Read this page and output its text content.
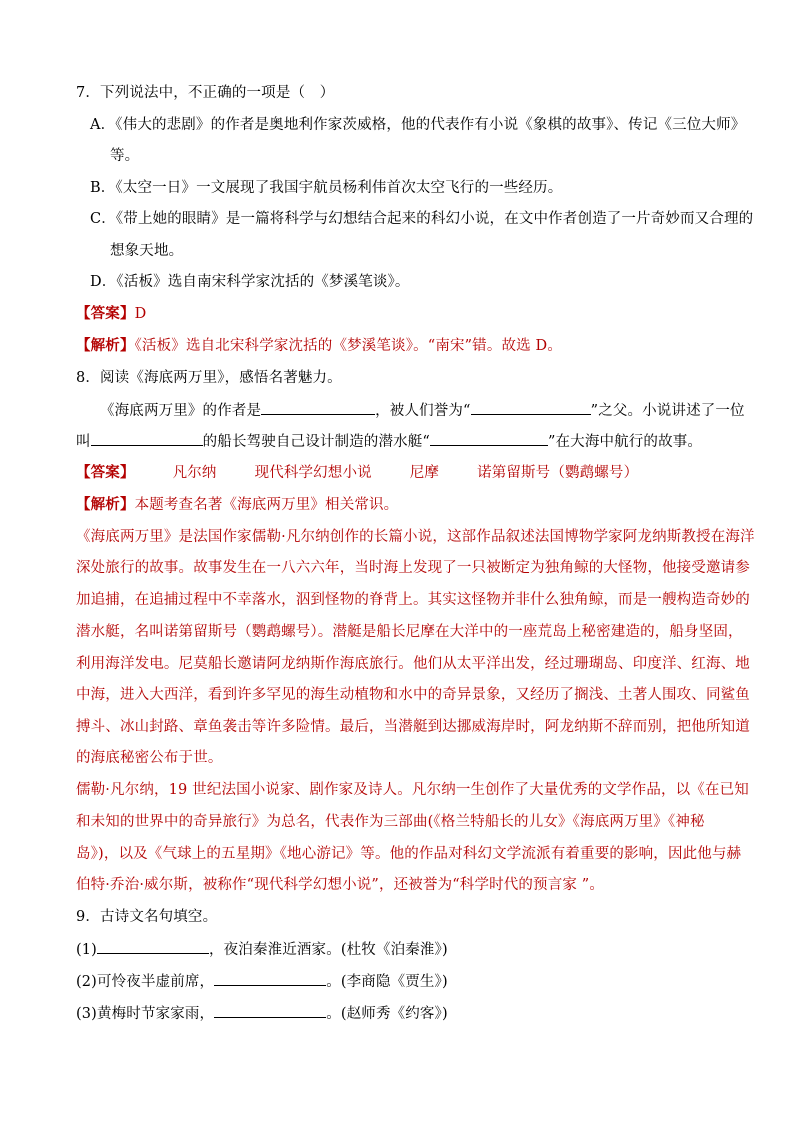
7．下列说法中，不正确的一项是（　）
A．《伟大的悲剧》的作者是奥地利作家茨威格，他的代表作有小说《象棋的故事》、传记《三位大师》
等。
B．《太空一日》一文展现了我国宇航员杨利伟首次太空飞行的一些经历。
C．《带上她的眼睛》是一篇将科学与幻想结合起来的科幻小说，在文中作者创造了一片奇妙而又合理的
想象天地。
D．《活板》选自南宋科学家沈括的《梦溪笔谈》。
【答案】D
【解析】《活板》选自北宋科学家沈括的《梦溪笔谈》。“南宋”错。故选 D。
8．阅读《海底两万里》，感悟名著魅力。
《海底两万里》的作者是	，被人们誉为“	”之父。小说讲述了一位
叫	的船长驾驶自己设计制造的潜水艇“	”在大海中航行的故事。
【答案】	凡尔纳	现代科学幻想小说	尼摩	诺第留斯号（鹦鹉螺号）
【解析】本题考查名著《海底两万里》相关常识。
《海底两万里》是法国作家儒勒·凡尔纳创作的长篇小说，这部作品叙述法国博物学家阿龙纳斯教授在海洋
深处旅行的故事。故事发生在一八六六年，当时海上发现了一只被断定为独角鲸的大怪物，他接受邀请参
加追捕，在追捕过程中不幸落水，泅到怪物的脊背上。其实这怪物并非什么独角鲸，而是一艘构造奇妙的
潜水艇，名叫诺第留斯号（鹦鹉螺号）。潜艇是船长尼摩在大洋中的一座荒岛上秘密建造的，船身坚固，
利用海洋发电。尼莫船长邀请阿龙纳斯作海底旅行。他们从太平洋出发，经过珊瑚岛、印度洋、红海、地
中海，进入大西洋，看到许多罕见的海生动植物和水中的奇异景象，又经历了搁浅、土著人围攻、同鲨鱼
搏斗、冰山封路、章鱼袭击等许多险情。最后，当潜艇到达挪威海岸时，阿龙纳斯不辞而别，把他所知道
的海底秘密公布于世。
儒勒·凡尔纳，19 世纪法国小说家、剧作家及诗人。凡尔纳一生创作了大量优秀的文学作品，以《在已知
和未知的世界中的奇异旅行》为总名，代表作为三部曲(《格兰特船长的儿女》《海底两万里》《神秘
岛》)，以及《气球上的五星期》《地心游记》等。他的作品对科幻文学流派有着重要的影响，因此他与赫
伯特·乔治·威尔斯，被称作“现代科学幻想小说”，还被誉为“科学时代的预言家 ”。
9．古诗文名句填空。
(1)	，夜泊秦淮近酒家。(杜牧《泊秦淮》)
(2)可怜夜半虚前席，	。(李商隐《贾生》)
(3)黄梅时节家家雨，	。(赵师秀《约客》)
